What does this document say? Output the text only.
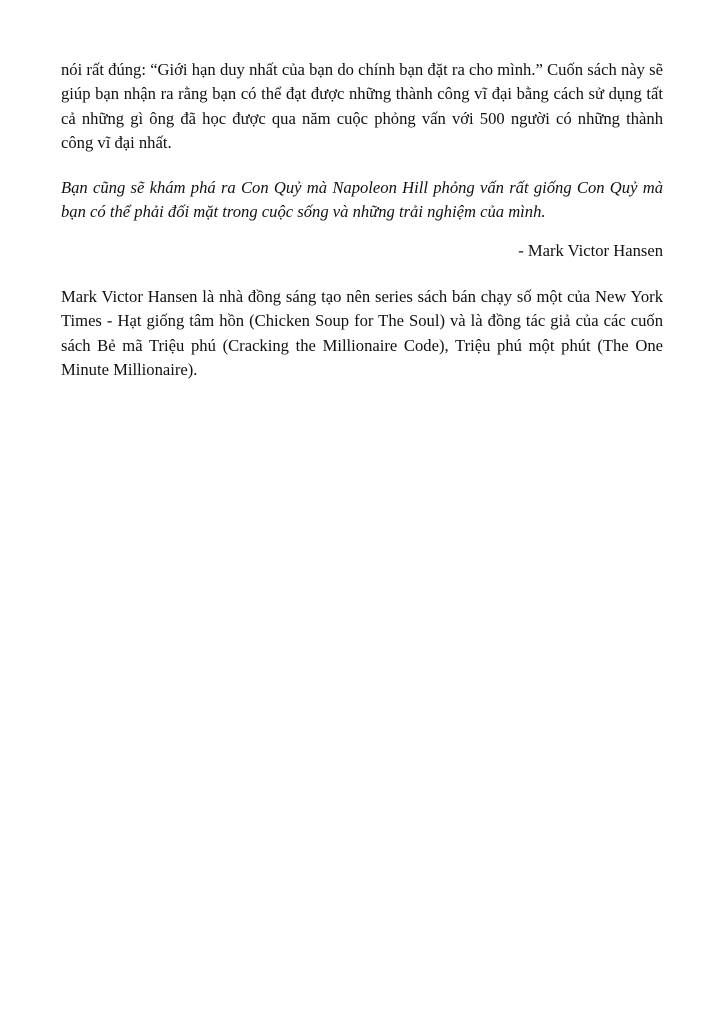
nói rất đúng: “Giới hạn duy nhất của bạn do chính bạn đặt ra cho mình.” Cuốn sách này sẽ giúp bạn nhận ra rằng bạn có thể đạt được những thành công vĩ đại bằng cách sử dụng tất cả những gì ông đã học được qua năm cuộc phỏng vấn với 500 người có những thành công vĩ đại nhất.

Bạn cũng sẽ khám phá ra Con Quỷ mà Napoleon Hill phỏng vấn rất giống Con Quỷ mà bạn có thể phải đối mặt trong cuộc sống và những trải nghiệm của mình.

- Mark Victor Hansen

Mark Victor Hansen là nhà đồng sáng tạo nên series sách bán chạy số một của New York Times - Hạt giống tâm hồn (Chicken Soup for The Soul) và là đồng tác giả của các cuốn sách Bẻ mã Triệu phú (Cracking the Millionaire Code), Triệu phú một phút (The One Minute Millionaire).
